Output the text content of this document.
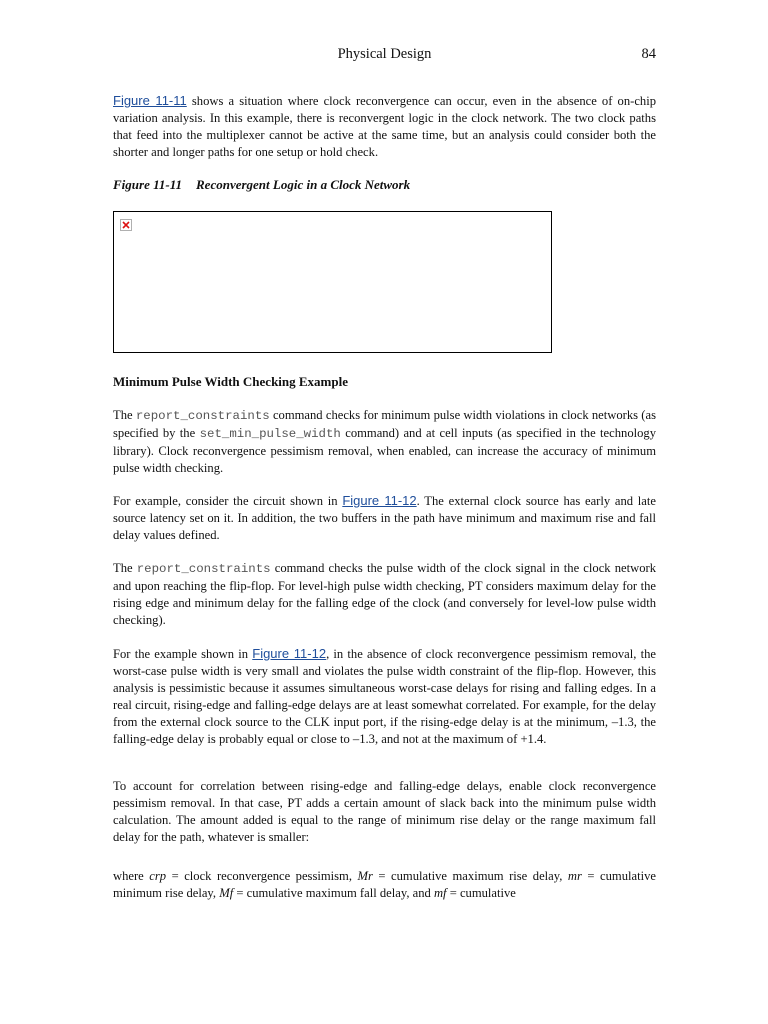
Physical Design	84

Figure 11-11 shows a situation where clock reconvergence can occur, even in the absence of on-chip variation analysis. In this example, there is reconvergent logic in the clock network. The two clock paths that feed into the multiplexer cannot be active at the same time, but an analysis could consider both the shorter and longer paths for one setup or hold check.

Figure 11-11 Reconvergent Logic in a Clock Network

Minimum Pulse Width Checking Example

The report_constraints command checks for minimum pulse width violations in clock networks (as specified by the set_min_pulse_width command) and at cell inputs (as specified in the technology library). Clock reconvergence pessimism removal, when enabled, can increase the accuracy of minimum pulse width checking.

For example, consider the circuit shown in Figure 11-12. The external clock source has early and late source latency set on it. In addition, the two buffers in the path have minimum and maximum rise and fall delay values defined.

The report_constraints command checks the pulse width of the clock signal in the clock network and upon reaching the flip-flop. For level-high pulse width checking, PT considers maximum delay for the rising edge and minimum delay for the falling edge of the clock (and conversely for level-low pulse width checking).

For the example shown in Figure 11-12, in the absence of clock reconvergence pessimism removal, the worst-case pulse width is very small and violates the pulse width constraint of the flip-flop. However, this analysis is pessimistic because it assumes simultaneous worst-case delays for rising and falling edges. In a real circuit, rising-edge and falling-edge delays are at least somewhat correlated. For example, for the delay from the external clock source to the CLK input port, if the rising-edge delay is at the minimum, –1.3, the falling-edge delay is probably equal or close to –1.3, and not at the maximum of +1.4.

To account for correlation between rising-edge and falling-edge delays, enable clock reconvergence pessimism removal. In that case, PT adds a certain amount of slack back into the minimum pulse width calculation. The amount added is equal to the range of minimum rise delay or the range maximum fall delay for the path, whatever is smaller:

where crp = clock reconvergence pessimism, Mr = cumulative maximum rise delay, mr = cumulative minimum rise delay, Mf = cumulative maximum fall delay, and mf = cumulative
